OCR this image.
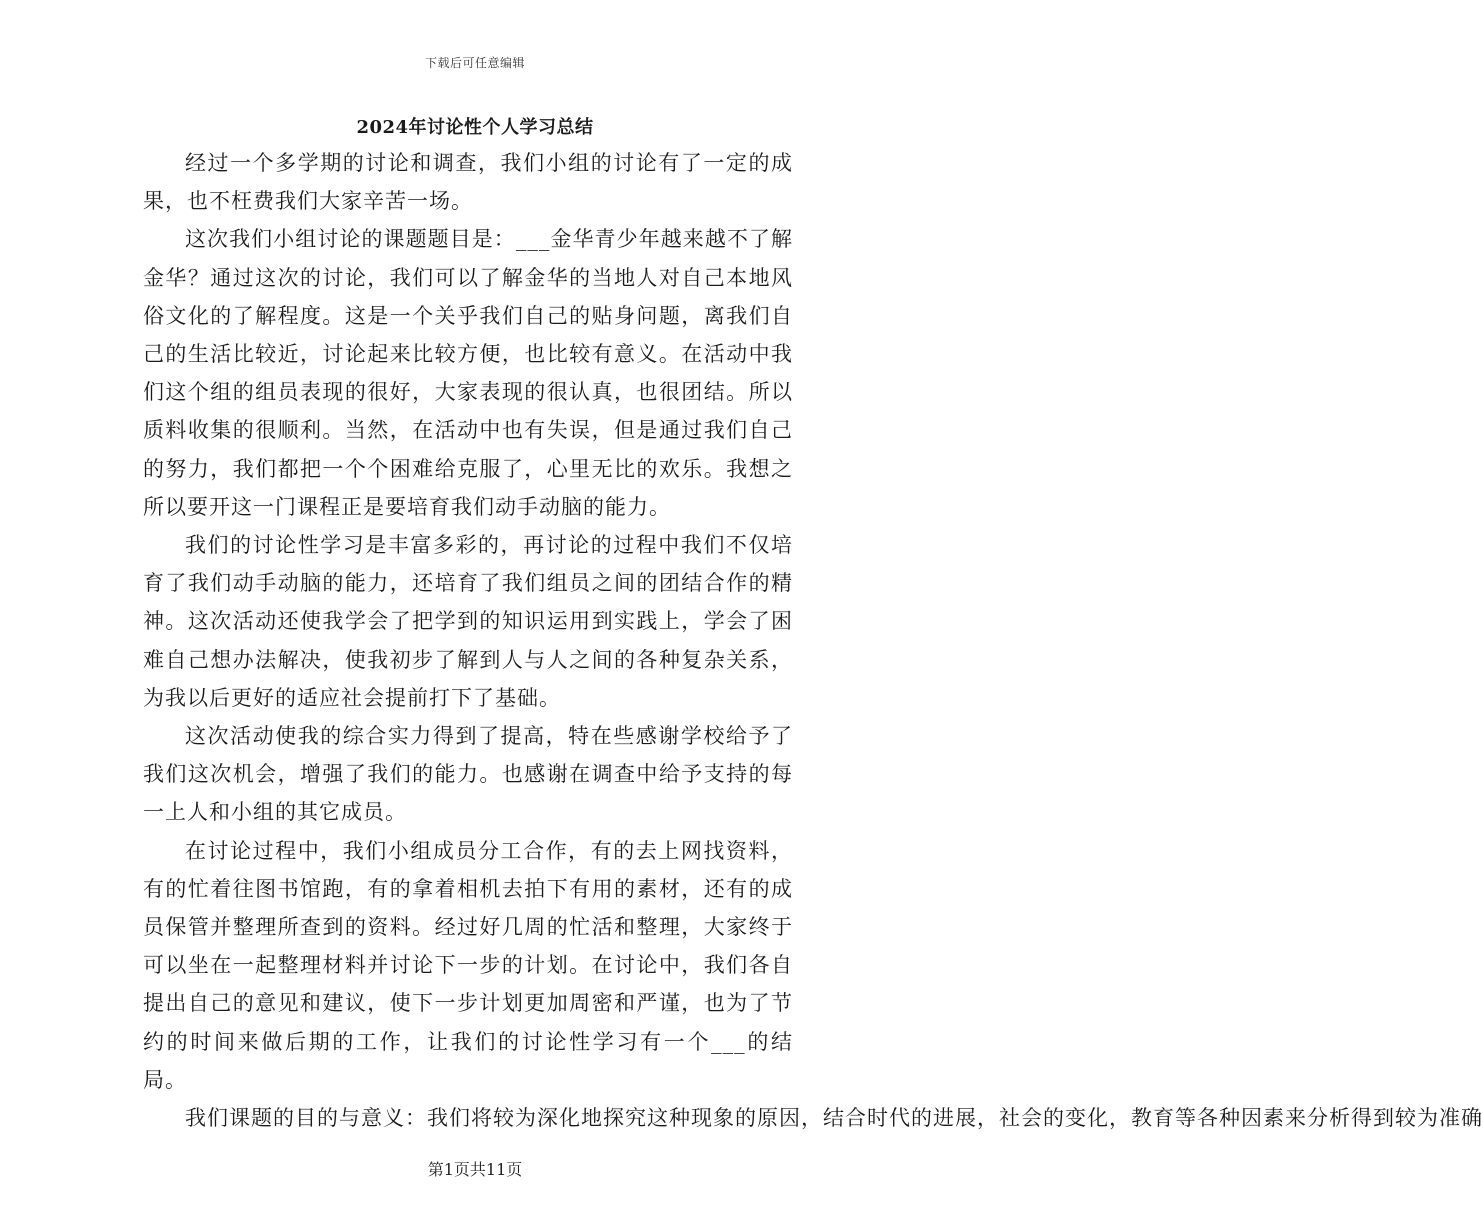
下载后可任意编辑
2024年讨论性个人学习总结

经过一个多学期的讨论和调查，我们小组的讨论有了一定的成果，也不枉费我们大家辛苦一场。

这次我们小组讨论的课题题目是：___金华青少年越来越不了解金华？通过这次的讨论，我们可以了解金华的当地人对自己本地风俗文化的了解程度。这是一个关乎我们自己的贴身问题，离我们自己的生活比较近，讨论起来比较方便，也比较有意义。在活动中我们这个组的组员表现的很好，大家表现的很认真，也很团结。所以质料收集的很顺利。当然，在活动中也有失误，但是通过我们自己的努力，我们都把一个个困难给克服了，心里无比的欢乐。我想之所以要开这一门课程正是要培育我们动手动脑的能力。

我们的讨论性学习是丰富多彩的，再讨论的过程中我们不仅培育了我们动手动脑的能力，还培育了我们组员之间的团结合作的精神。这次活动还使我学会了把学到的知识运用到实践上，学会了困难自己想办法解决，使我初步了解到人与人之间的各种复杂关系，为我以后更好的适应社会提前打下了基础。

这次活动使我的综合实力得到了提高，特在些感谢学校给予了我们这次机会，增强了我们的能力。也感谢在调查中给予支持的每一上人和小组的其它成员。

在讨论过程中，我们小组成员分工合作，有的去上网找资料，有的忙着往图书馆跑，有的拿着相机去拍下有用的素材，还有的成员保管并整理所查到的资料。经过好几周的忙活和整理，大家终于可以坐在一起整理材料并讨论下一步的计划。在讨论中，我们各自提出自己的意见和建议，使下一步计划更加周密和严谨，也为了节约的时间来做后期的工作，让我们的讨论性学习有一个___的结局。

我们课题的目的与意义：我们将较为深化地探究这种现象的原因，结合时代的进展，社会的变化，教育等各种因素来分析得到较为准确

第1页共11页
